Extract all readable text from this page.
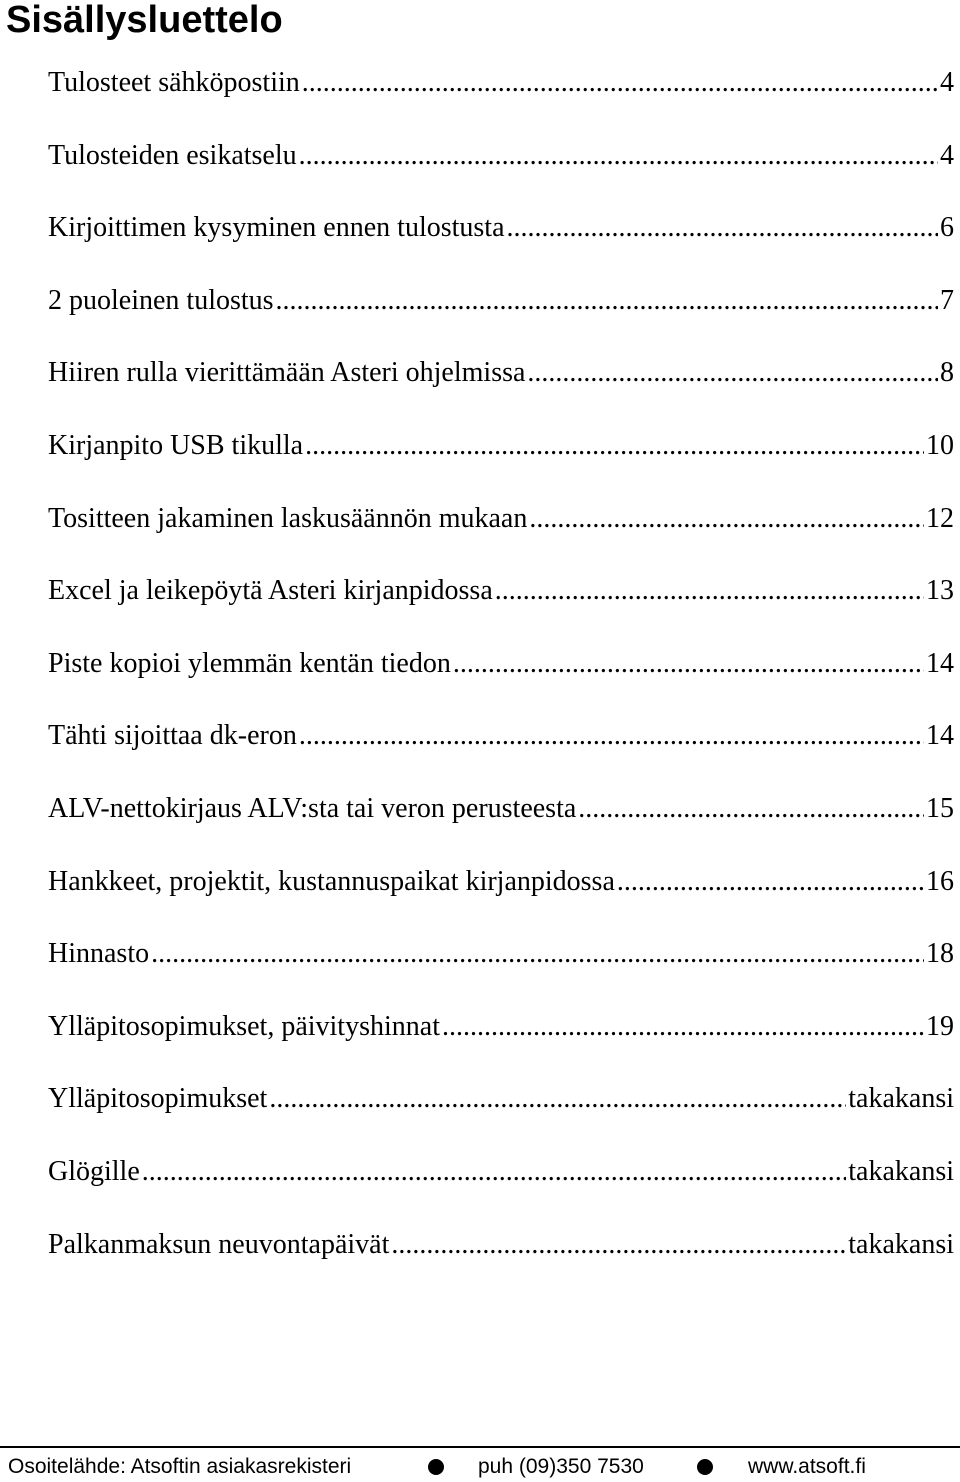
Sisällysluettelo
Tulosteet sähköpostiin .....	4
Tulosteiden esikatselu .....	4
Kirjoittimen kysyminen ennen tulostusta .....	6
2 puoleinen tulostus .....	7
Hiiren rulla vierittämään Asteri ohjelmissa .....	8
Kirjanpito USB tikulla .....	10
Tositteen jakaminen laskusäännön mukaan .....	12
Excel ja leikepöytä Asteri kirjanpidossa .....	13
Piste kopioi ylemmän kentän tiedon .....	14
Tähti sijoittaa dk-eron .....	14
ALV-nettokirjaus ALV:sta tai veron perusteesta .....	15
Hankkeet, projektit, kustannuspaikat kirjanpidossa .....	16
Hinnasto .....	18
Ylläpitosopimukset, päivityshinnat .....	19
Ylläpitosopimukset .....	takakansi
Glögille .....	takakansi
Palkanmaksun neuvontapäivät .....	takakansi
Osoitelähde: Atsoftin asiakasrekisteri	puh (09)350 7530	www.atsoft.fi
